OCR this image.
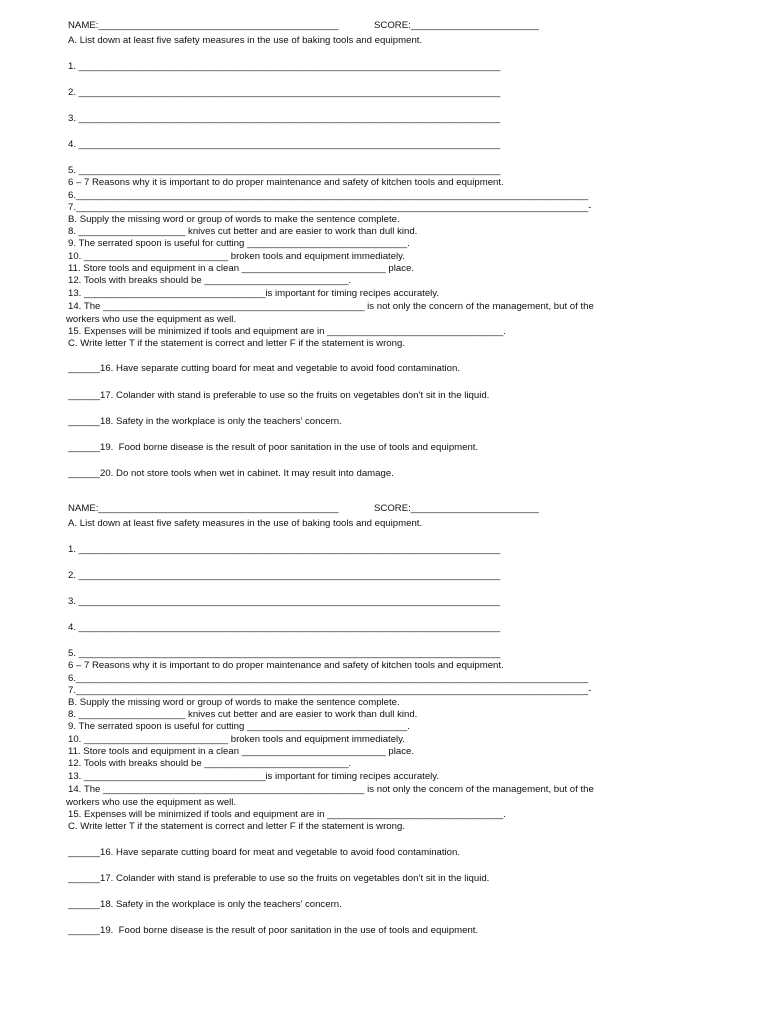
NAME:_____________________________________________	SCORE:________________________
A. List down at least five safety measures in the use of baking tools and equipment.
1. _______________________________________________________________________________
2. _______________________________________________________________________________
3. _______________________________________________________________________________
4. _______________________________________________________________________________
5. _______________________________________________________________________________
6 – 7 Reasons why it is important to do proper maintenance and safety of kitchen tools and equipment.
6.________________________________________________________________________________________________
7.________________________________________________________________________________________________-
B. Supply the missing word or group of words to make the sentence complete.
8. ____________________ knives cut better and are easier to work than dull kind.
9. The serrated spoon is useful for cutting ______________________________.
10. ___________________________ broken tools and equipment immediately.
11. Store tools and equipment in a clean ___________________________ place.
12. Tools with breaks should be ___________________________.
13. __________________________________is important for timing recipes accurately.
14. The _________________________________________________ is not only the concern of the management, but of the
workers who use the equipment as well.
15. Expenses will be minimized if tools and equipment are in _________________________________.
C. Write letter T if the statement is correct and letter F if the statement is wrong.
______16. Have separate cutting board for meat and vegetable to avoid food contamination.
______17. Colander with stand is preferable to use so the fruits on vegetables don’t sit in the liquid.
______18. Safety in the workplace is only the teachers’ concern.
______19.  Food borne disease is the result of poor sanitation in the use of tools and equipment.
______20. Do not store tools when wet in cabinet. It may result into damage.
NAME:_____________________________________________	SCORE:________________________
A. List down at least five safety measures in the use of baking tools and equipment.
1. _______________________________________________________________________________
2. _______________________________________________________________________________
3. _______________________________________________________________________________
4. _______________________________________________________________________________
5. _______________________________________________________________________________
6 – 7 Reasons why it is important to do proper maintenance and safety of kitchen tools and equipment.
6.________________________________________________________________________________________________
7.________________________________________________________________________________________________-
B. Supply the missing word or group of words to make the sentence complete.
8. ____________________ knives cut better and are easier to work than dull kind.
9. The serrated spoon is useful for cutting ______________________________.
10. ___________________________ broken tools and equipment immediately.
11. Store tools and equipment in a clean ___________________________ place.
12. Tools with breaks should be ___________________________.
13. __________________________________is important for timing recipes accurately.
14. The _________________________________________________ is not only the concern of the management, but of the
workers who use the equipment as well.
15. Expenses will be minimized if tools and equipment are in _________________________________.
C. Write letter T if the statement is correct and letter F if the statement is wrong.
______16. Have separate cutting board for meat and vegetable to avoid food contamination.
______17. Colander with stand is preferable to use so the fruits on vegetables don’t sit in the liquid.
______18. Safety in the workplace is only the teachers’ concern.
______19.  Food borne disease is the result of poor sanitation in the use of tools and equipment.
